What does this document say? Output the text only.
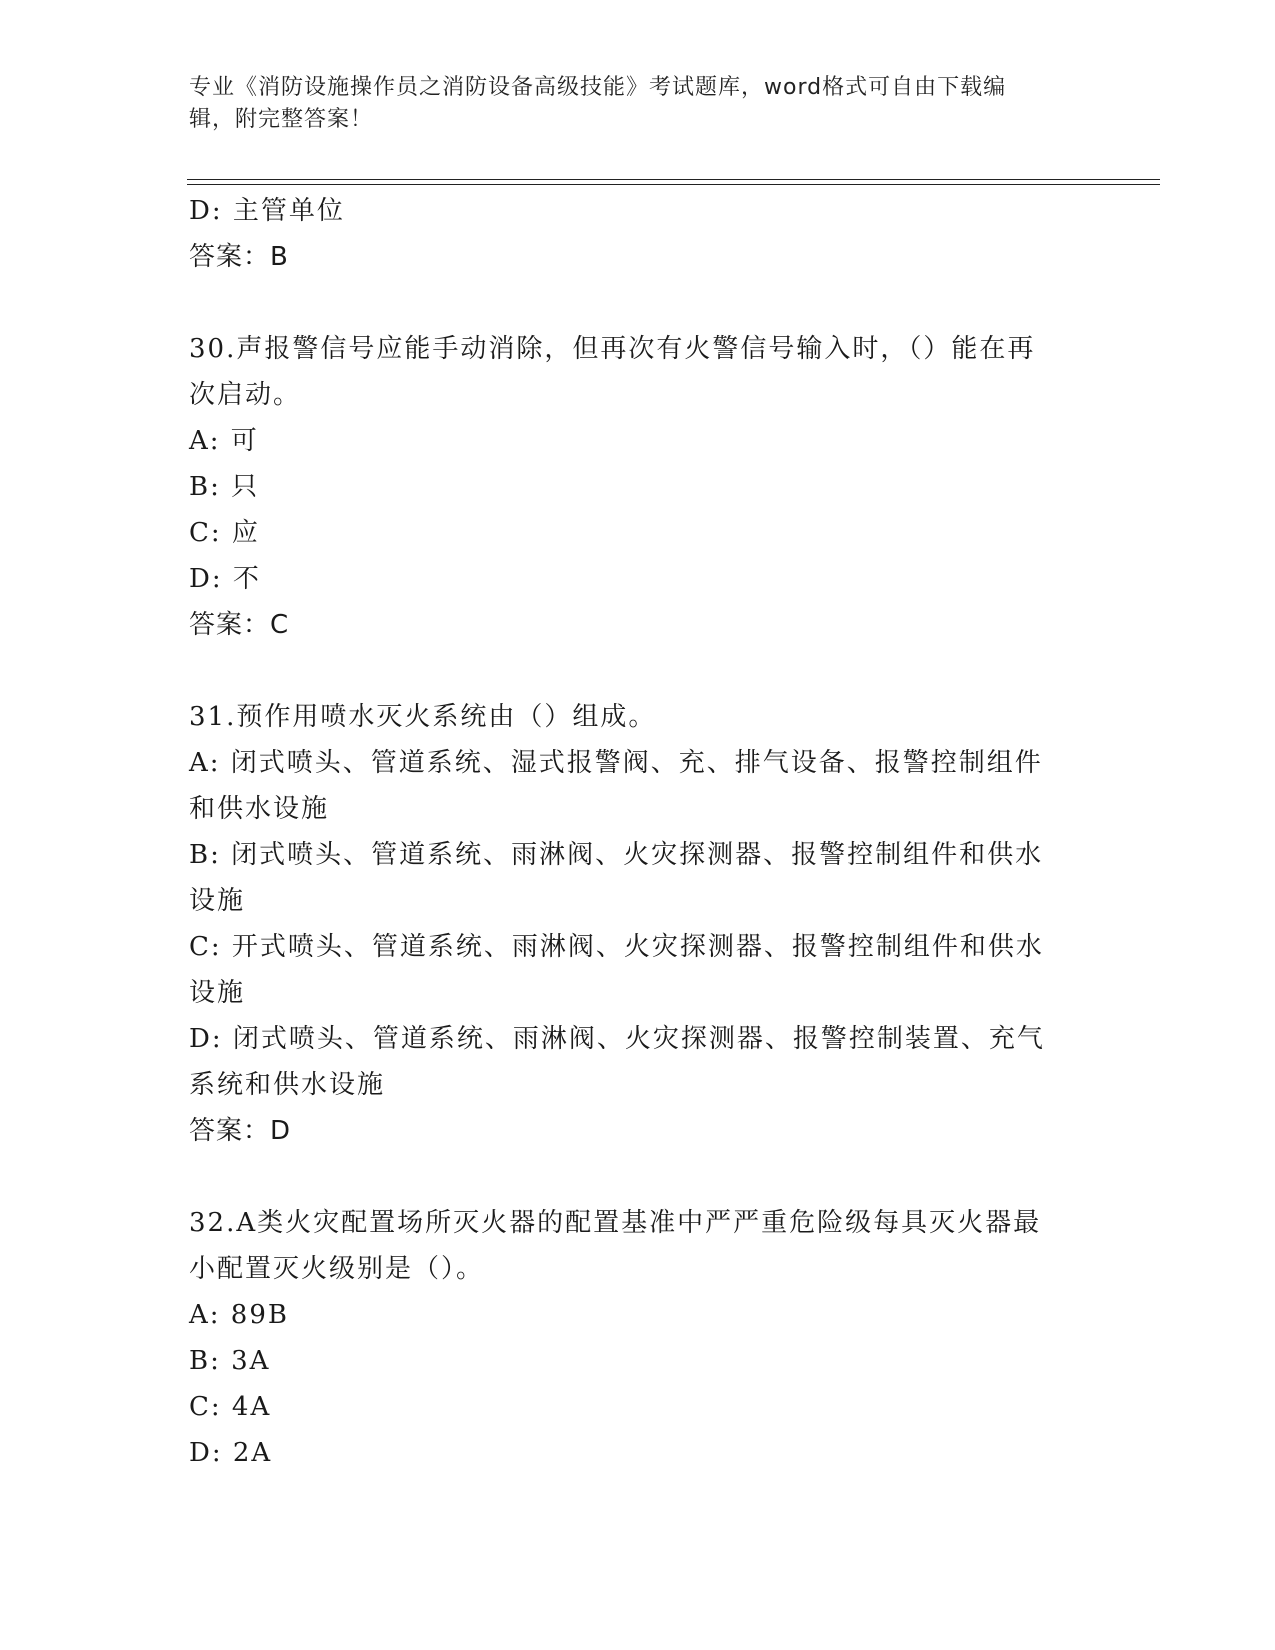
专业《消防设施操作员之消防设备高级技能》考试题库，word格式可自由下载编
辑，附完整答案！

D: 主管单位

答案：B

30.声报警信号应能手动消除，但再次有火警信号输入时，（）能在再

次启动。

A: 可

B: 只

C: 应

D: 不

答案：C

31.预作用喷水灭火系统由（）组成。

A: 闭式喷头、管道系统、湿式报警阀、充、排气设备、报警控制组件

和供水设施

B: 闭式喷头、管道系统、雨淋阀、火灾探测器、报警控制组件和供水

设施

C: 开式喷头、管道系统、雨淋阀、火灾探测器、报警控制组件和供水

设施

D: 闭式喷头、管道系统、雨淋阀、火灾探测器、报警控制装置、充气

系统和供水设施

答案：D

32.A类火灾配置场所灭火器的配置基准中严严重危险级每具灭火器最

小配置灭火级别是（）。

A: 89B

B: 3A

C: 4A

D: 2A
